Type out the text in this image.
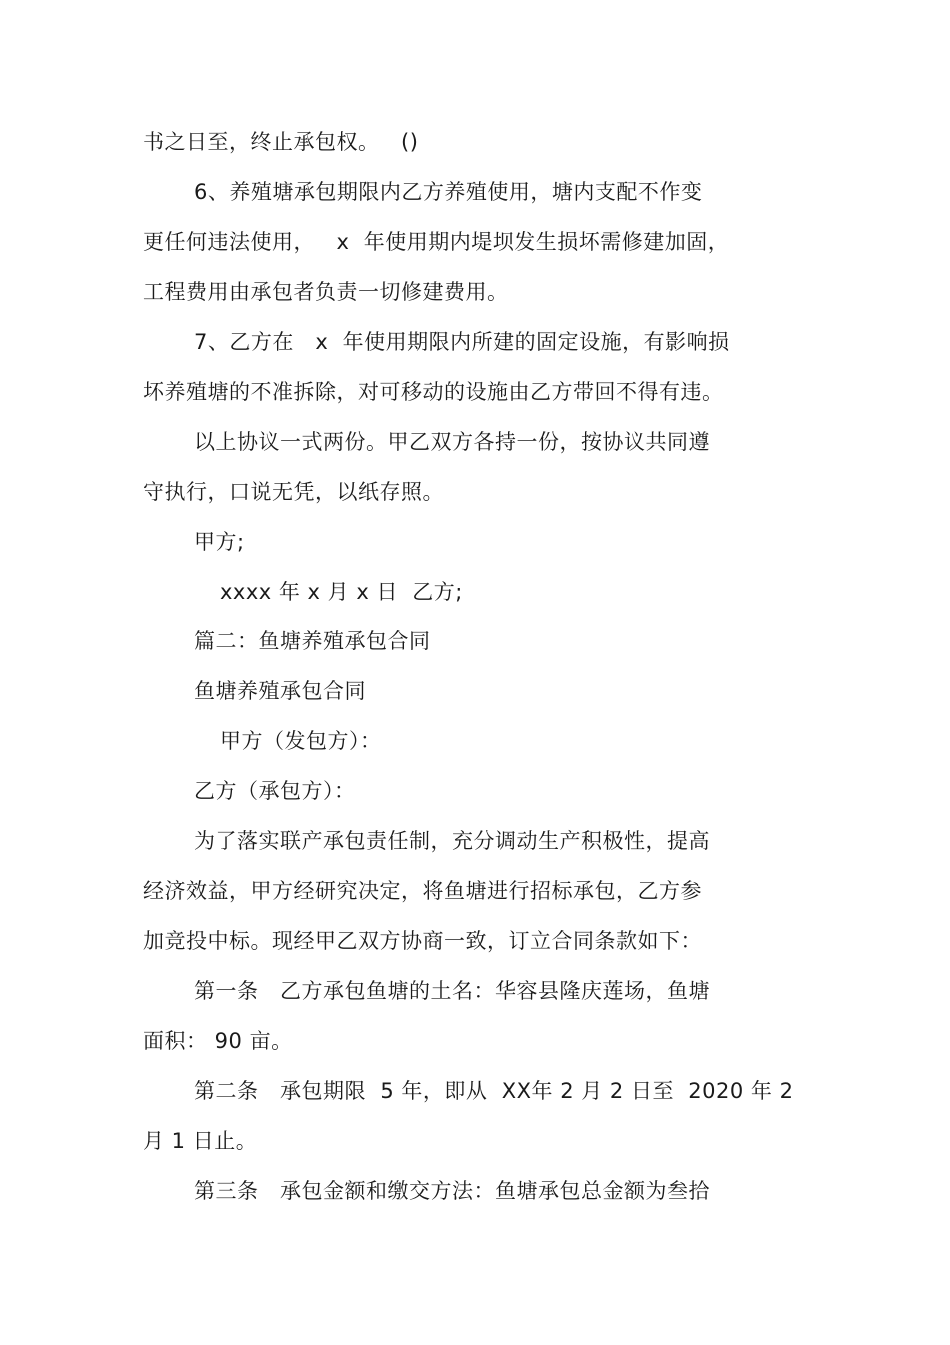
书之日至，终止承包权。   ()
6、养殖塘承包期限内乙方养殖使用，塘内支配不作变
更任何违法使用，   x  年使用期内堤坝发生损坏需修建加固，
工程费用由承包者负责一切修建费用。
7、乙方在   x  年使用期限内所建的固定设施，有影响损
坏养殖塘的不准拆除，对可移动的设施由乙方带回不得有违。
以上协议一式两份。甲乙双方各持一份，按协议共同遵
守执行，口说无凭，以纸存照。
甲方;
xxxx 年 x 月 x 日  乙方;
篇二：鱼塘养殖承包合同
鱼塘养殖承包合同
甲方（发包方）：
乙方（承包方）：
为了落实联产承包责任制，充分调动生产积极性，提高
经济效益，甲方经研究决定，将鱼塘进行招标承包，乙方参
加竞投中标。现经甲乙双方协商一致，订立合同条款如下：
第一条   乙方承包鱼塘的土名：华容县隆庆莲场，鱼塘
面积： 90 亩。
第二条   承包期限  5 年，即从  XX年 2 月 2 日至  2020 年 2
月 1 日止。
第三条   承包金额和缴交方法：鱼塘承包总金额为叁拾
